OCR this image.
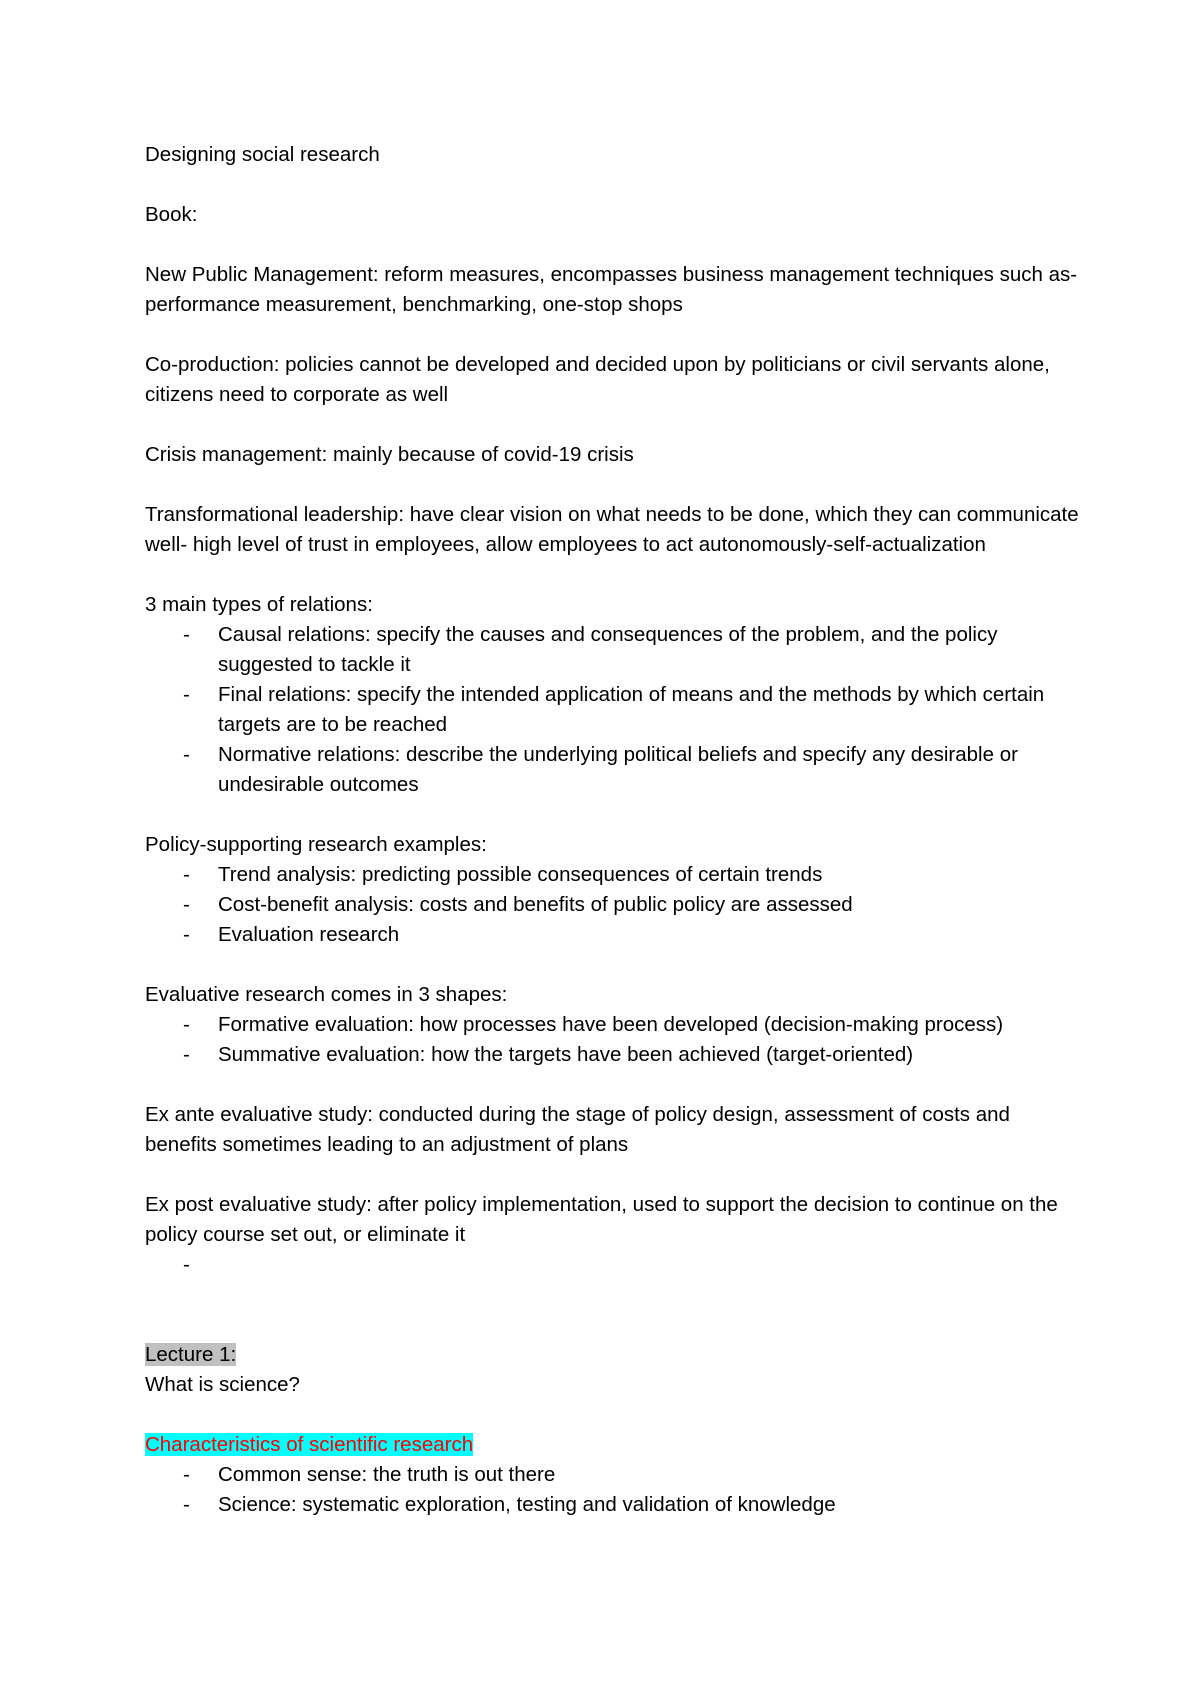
Designing social research

Book:

New Public Management: reform measures, encompasses business management techniques such as- performance measurement, benchmarking, one-stop shops

Co-production: policies cannot be developed and decided upon by politicians or civil servants alone, citizens need to corporate as well

Crisis management: mainly because of covid-19 crisis

Transformational leadership: have clear vision on what needs to be done, which they can communicate well- high level of trust in employees, allow employees to act autonomously-self-actualization

3 main types of relations:

- Causal relations: specify the causes and consequences of the problem, and the policy suggested to tackle it
- Final relations: specify the intended application of means and the methods by which certain targets are to be reached
- Normative relations: describe the underlying political beliefs and specify any desirable or undesirable outcomes

Policy-supporting research examples:

- Trend analysis: predicting possible consequences of certain trends
- Cost-benefit analysis: costs and benefits of public policy are assessed
- Evaluation research

Evaluative research comes in 3 shapes:

- Formative evaluation: how processes have been developed (decision-making process)
- Summative evaluation: how the targets have been achieved (target-oriented)

Ex ante evaluative study: conducted during the stage of policy design, assessment of costs and benefits sometimes leading to an adjustment of plans

Ex post evaluative study: after policy implementation, used to support the decision to continue on the policy course set out, or eliminate it

-

Lecture 1:

What is science?

Characteristics of scientific research

- Common sense: the truth is out there
- Science: systematic exploration, testing and validation of knowledge
